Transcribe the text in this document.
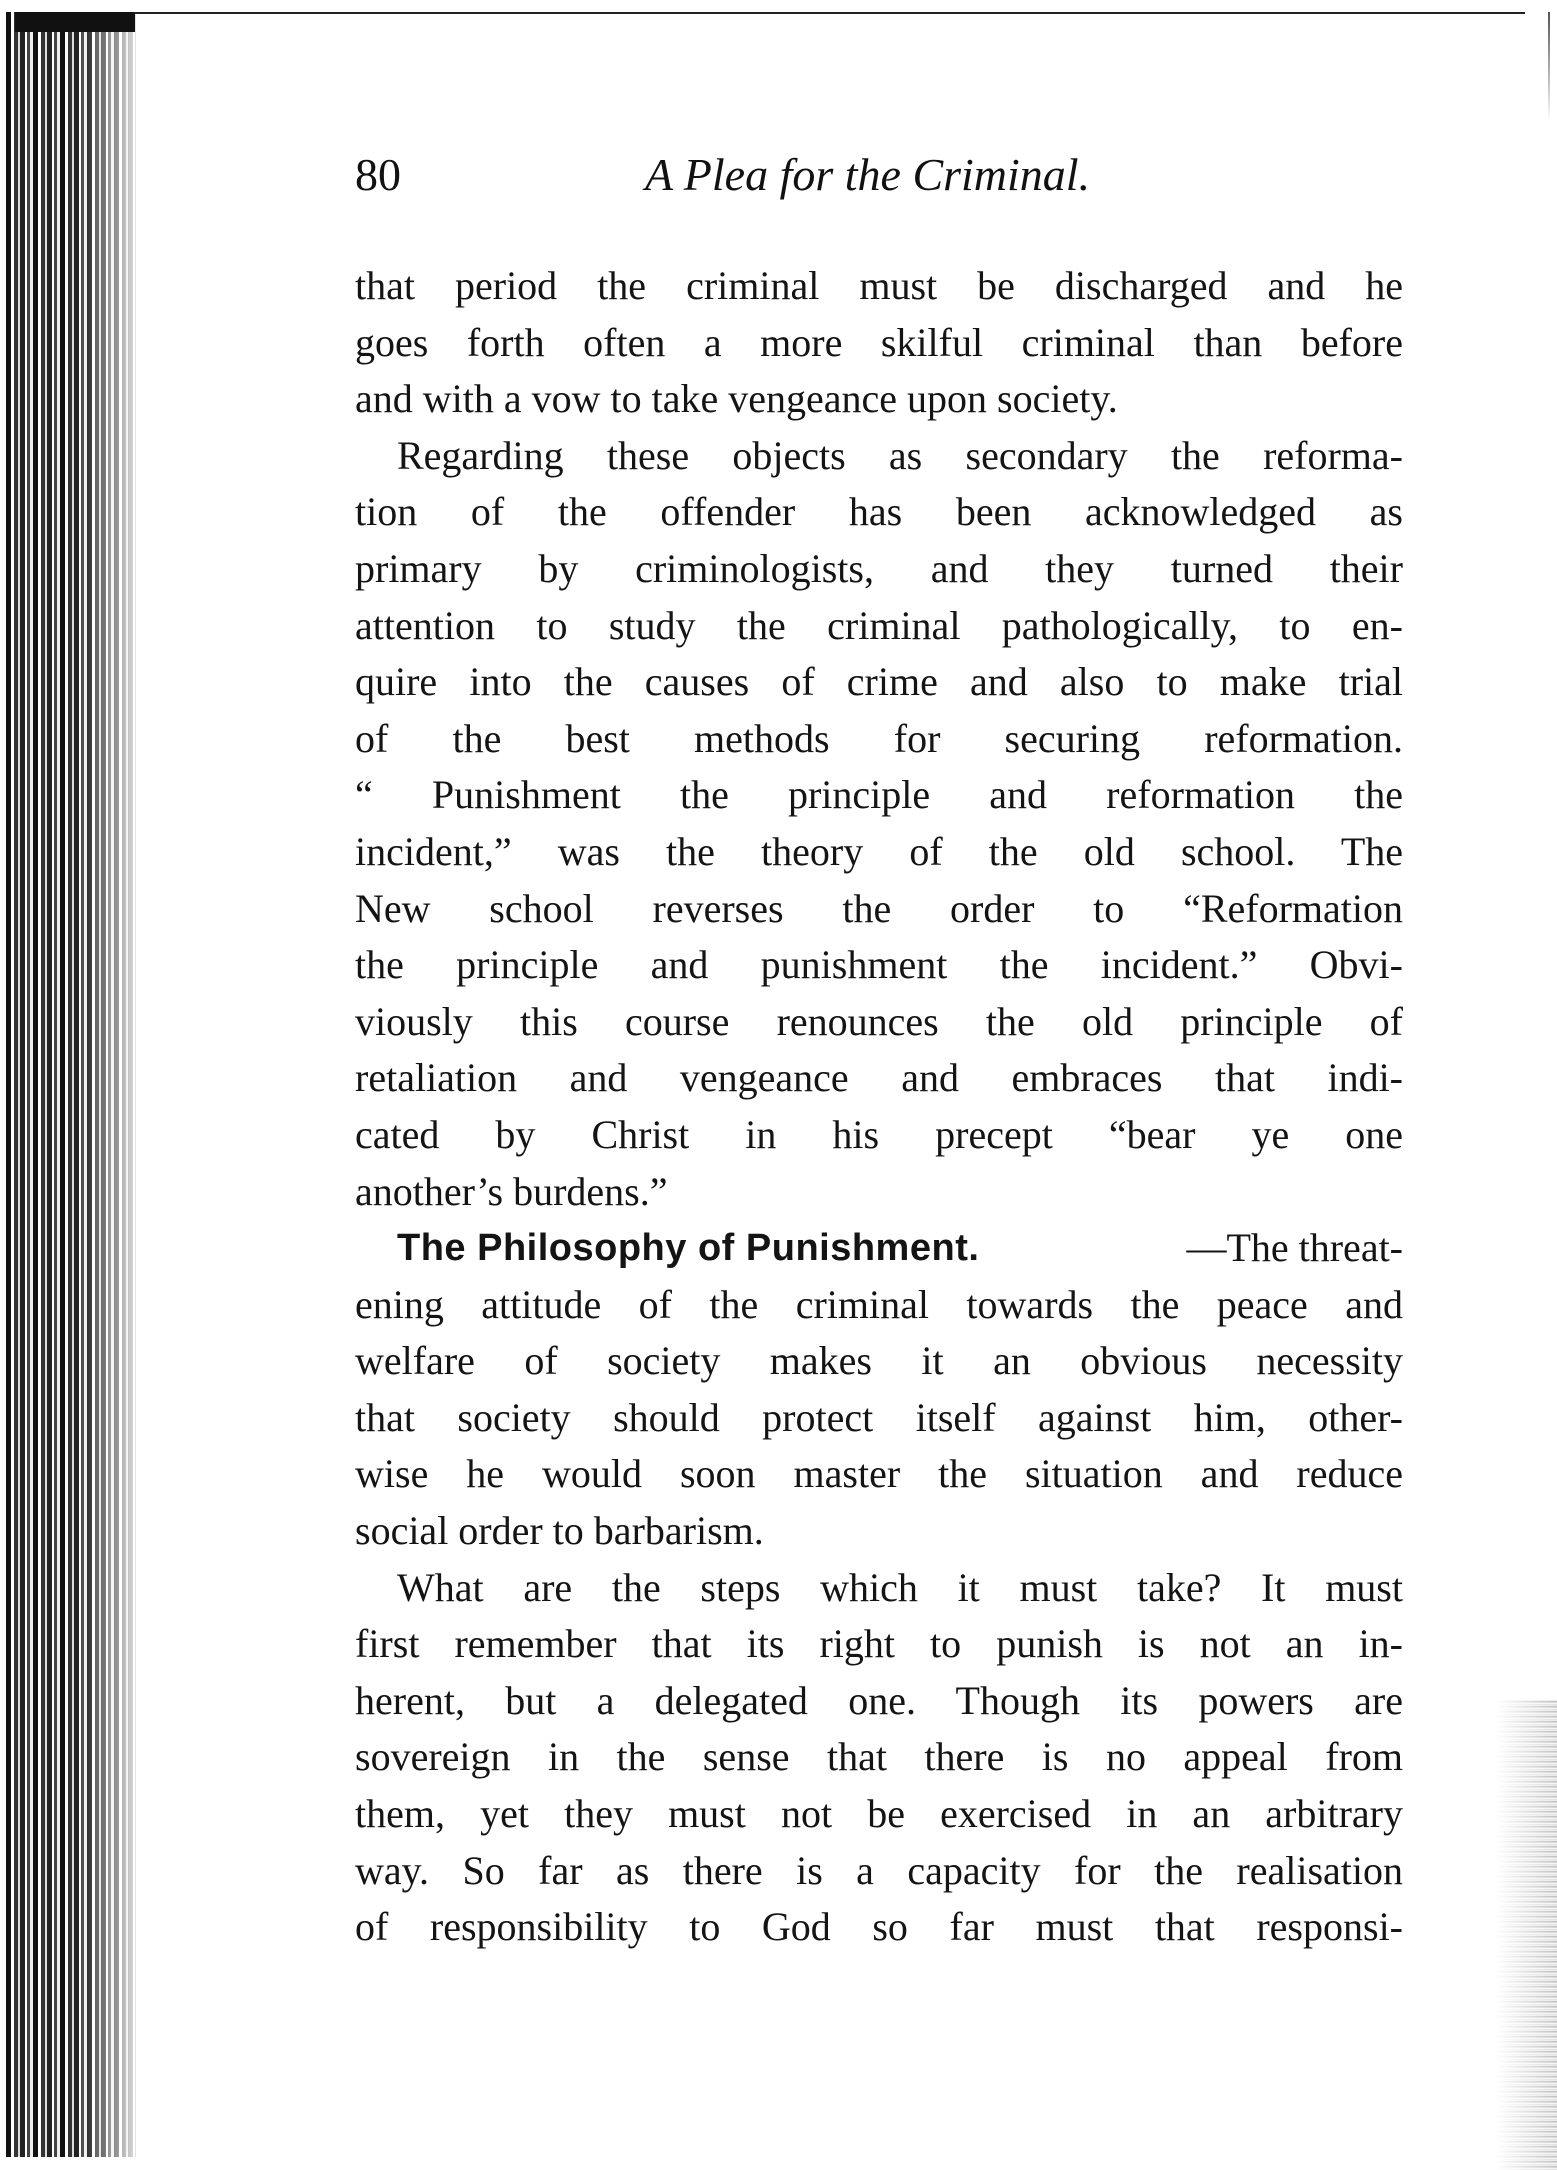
80	A Plea for the Criminal.
that period the criminal must be discharged and he
goes forth often a more skilful criminal than before
and with a vow to take vengeance upon society.
Regarding these objects as secondary the reforma-
tion of the offender has been acknowledged as
primary by criminologists, and they turned their
attention to study the criminal pathologically, to en-
quire into the causes of crime and also to make trial
of the best methods for securing reformation.
“ Punishment the principle and reformation the
incident,” was the theory of the old school. The
New school reverses the order to “Reformation
the principle and punishment the incident.” Obvi-
viously this course renounces the old principle of
retaliation and vengeance and embraces that indi-
cated by Christ in his precept “bear ye one
another’s burdens.”
The Philosophy of Punishment.	—The threat-
ening attitude of the criminal towards the peace and
welfare of society makes it an obvious necessity
that society should protect itself against him, other-
wise he would soon master the situation and reduce
social order to barbarism.
What are the steps which it must take? It must
first remember that its right to punish is not an in-
herent, but a delegated one. Though its powers are
sovereign in the sense that there is no appeal from
them, yet they must not be exercised in an arbitrary
way. So far as there is a capacity for the realisation
of responsibility to God so far must that responsi-
